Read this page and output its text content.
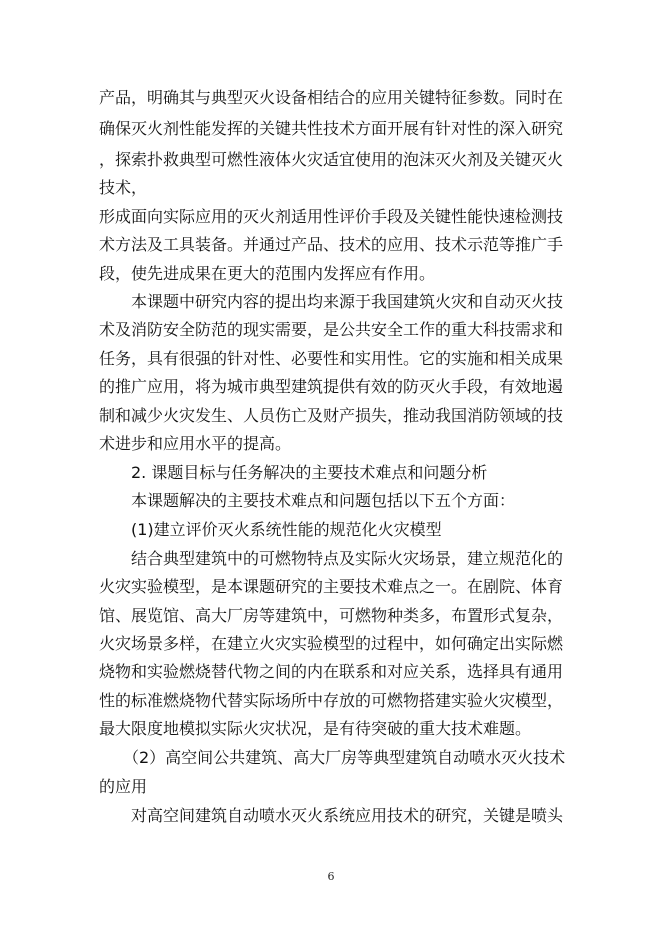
产品，明确其与典型灭火设备相结合的应用关键特征参数。同时在
确保灭火剂性能发挥的关键共性技术方面开展有针对性的深入研究
，探索扑救典型可燃性液体火灾适宜使用的泡沫灭火剂及关键灭火
技术，
形成面向实际应用的灭火剂适用性评价手段及关键性能快速检测技
术方法及工具装备。并通过产品、技术的应用、技术示范等推广手
段，使先进成果在更大的范围内发挥应有作用。
　　本课题中研究内容的提出均来源于我国建筑火灾和自动灭火技
术及消防安全防范的现实需要，是公共安全工作的重大科技需求和
任务，具有很强的针对性、必要性和实用性。它的实施和相关成果
的推广应用，将为城市典型建筑提供有效的防灭火手段，有效地遏
制和减少火灾发生、人员伤亡及财产损失，推动我国消防领域的技
术进步和应用水平的提高。
　　2. 课题目标与任务解决的主要技术难点和问题分析
　　本课题解决的主要技术难点和问题包括以下五个方面：
　　(1)建立评价灭火系统性能的规范化火灾模型
　　结合典型建筑中的可燃物特点及实际火灾场景，建立规范化的
火灾实验模型，是本课题研究的主要技术难点之一。在剧院、体育
馆、展览馆、高大厂房等建筑中，可燃物种类多，布置形式复杂，
火灾场景多样，在建立火灾实验模型的过程中，如何确定出实际燃
烧物和实验燃烧替代物之间的内在联系和对应关系，选择具有通用
性的标准燃烧物代替实际场所中存放的可燃物搭建实验火灾模型，
最大限度地模拟实际火灾状况，是有待突破的重大技术难题。
　　（2）高空间公共建筑、高大厂房等典型建筑自动喷水灭火技术
的应用
　　对高空间建筑自动喷水灭火系统应用技术的研究，关键是喷头
6
